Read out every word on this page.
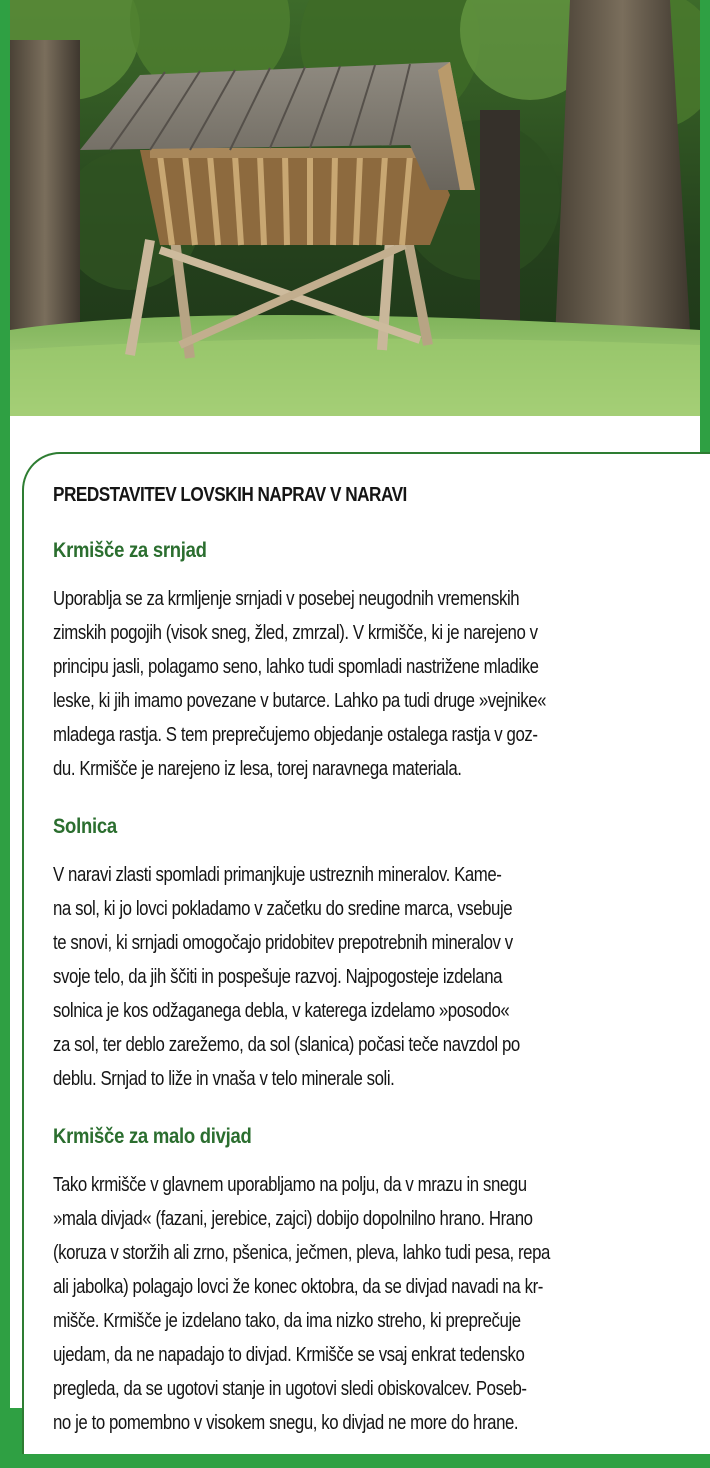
PREDSTAVITEV LOVSKIH NAPRAV V NARAVI
Krmišče za srnjad
Uporablja se za krmljenje srnjadi v posebej neugodnih vremenskih
zimskih pogojih (visok sneg, žled, zmrzal). V krmišče, ki je narejeno v
principu jasli, polagamo seno, lahko tudi spomladi nastrižene mladike
leske, ki jih imamo povezane v butarce. Lahko pa tudi druge »vejnike«
mladega rastja. S tem preprečujemo objedanje ostalega rastja v goz-
du. Krmišče je narejeno iz lesa, torej naravnega materiala.
Solnica
V naravi zlasti spomladi primanjkuje ustreznih mineralov. Kame-
na sol, ki jo lovci pokladamo v začetku do sredine marca, vsebuje
te snovi, ki srnjadi omogočajo pridobitev prepotrebnih mineralov v
svoje telo, da jih ščiti in pospešuje razvoj. Najpogosteje izdelana
solnica je kos odžaganega debla, v katerega izdelamo »posodo«
za sol, ter deblo zarežemo, da sol (slanica) počasi teče navzdol po
deblu. Srnjad to liže in vnaša v telo minerale soli.
Krmišče za malo divjad
Tako krmišče v glavnem uporabljamo na polju, da v mrazu in snegu
»mala divjad« (fazani, jerebice, zajci) dobijo dopolnilno hrano. Hrano
(koruza v storžih ali zrno, pšenica, ječmen, pleva, lahko tudi pesa, repa
ali jabolka) polagajo lovci že konec oktobra, da se divjad navadi na kr-
mišče. Krmišče je izdelano tako, da ima nizko streho, ki preprečuje
ujedam, da ne napadajo to divjad. Krmišče se vsaj enkrat tedensko
pregleda, da se ugotovi stanje in ugotovi sledi obiskovalcev. Poseb-
no je to pomembno v visokem snegu, ko divjad ne more do hrane.
